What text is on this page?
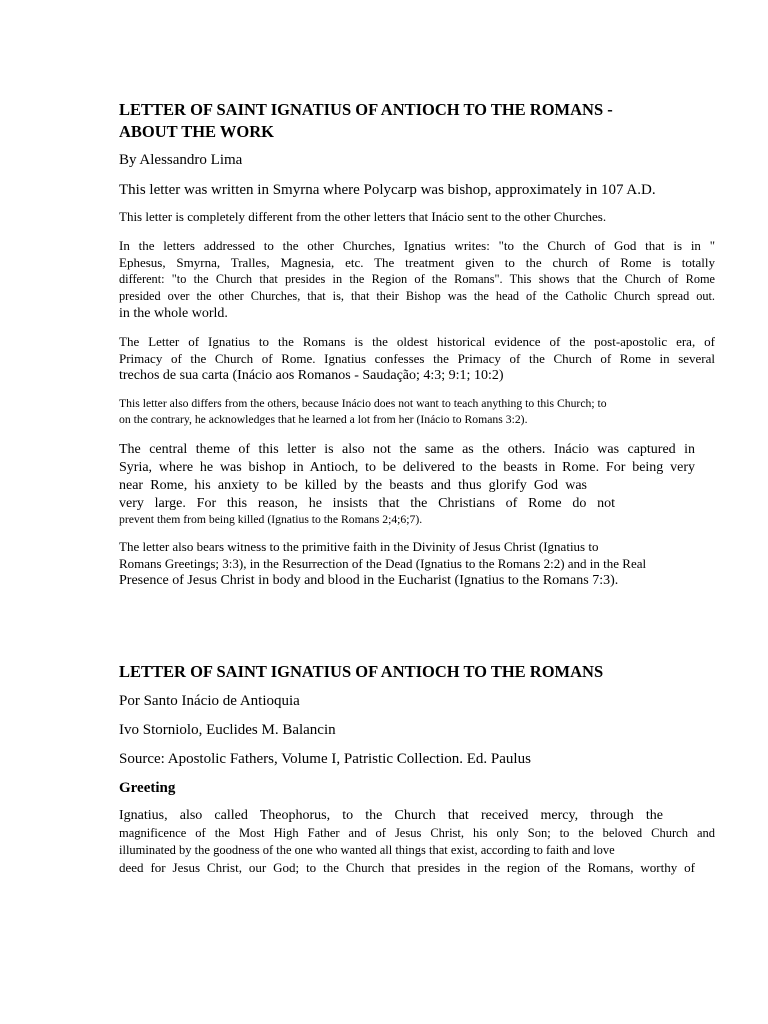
LETTER OF SAINT IGNATIUS OF ANTIOCH TO THE ROMANS -
ABOUT THE WORK

By Alessandro Lima

This letter was written in Smyrna where Polycarp was bishop, approximately in 107 A.D.

This letter is completely different from the other letters that Inácio sent to the other Churches.

In the letters addressed to the other Churches, Ignatius writes: "to the Church of God that is in "
Ephesus, Smyrna, Tralles, Magnesia, etc. The treatment given to the church of Rome is totally
different: "to the Church that presides in the Region of the Romans". This shows that the Church of Rome
presided over the other Churches, that is, that their Bishop was the head of the Catholic Church spread out.
in the whole world.
The Letter of Ignatius to the Romans is the oldest historical evidence of the post-apostolic era, of
Primacy of the Church of Rome. Ignatius confesses the Primacy of the Church of Rome in several
trechos de sua carta (Inácio aos Romanos - Saudação; 4:3; 9:1; 10:2)
This letter also differs from the others, because Inácio does not want to teach anything to this Church; to
on the contrary, he acknowledges that he learned a lot from her (Inácio to Romans 3:2).
The central theme of this letter is also not the same as the others. Inácio was captured in
Syria, where he was bishop in Antioch, to be delivered to the beasts in Rome. For being very
near Rome, his anxiety to be killed by the beasts and thus glorify God was
very large. For this reason, he insists that the Christians of Rome do not
prevent them from being killed (Ignatius to the Romans 2;4;6;7).
The letter also bears witness to the primitive faith in the Divinity of Jesus Christ (Ignatius to
Romans Greetings; 3:3), in the Resurrection of the Dead (Ignatius to the Romans 2:2) and in the Real
Presence of Jesus Christ in body and blood in the Eucharist (Ignatius to the Romans 7:3).

LETTER OF SAINT IGNATIUS OF ANTIOCH TO THE ROMANS

Por Santo Inácio de Antioquia

Ivo Storniolo, Euclides M. Balancin

Source: Apostolic Fathers, Volume I, Patristic Collection. Ed. Paulus

Greeting

Ignatius, also called Theophorus, to the Church that received mercy, through the
magnificence of the Most High Father and of Jesus Christ, his only Son; to the beloved Church and
illuminated by the goodness of the one who wanted all things that exist, according to faith and love
deed for Jesus Christ, our God; to the Church that presides in the region of the Romans, worthy of
